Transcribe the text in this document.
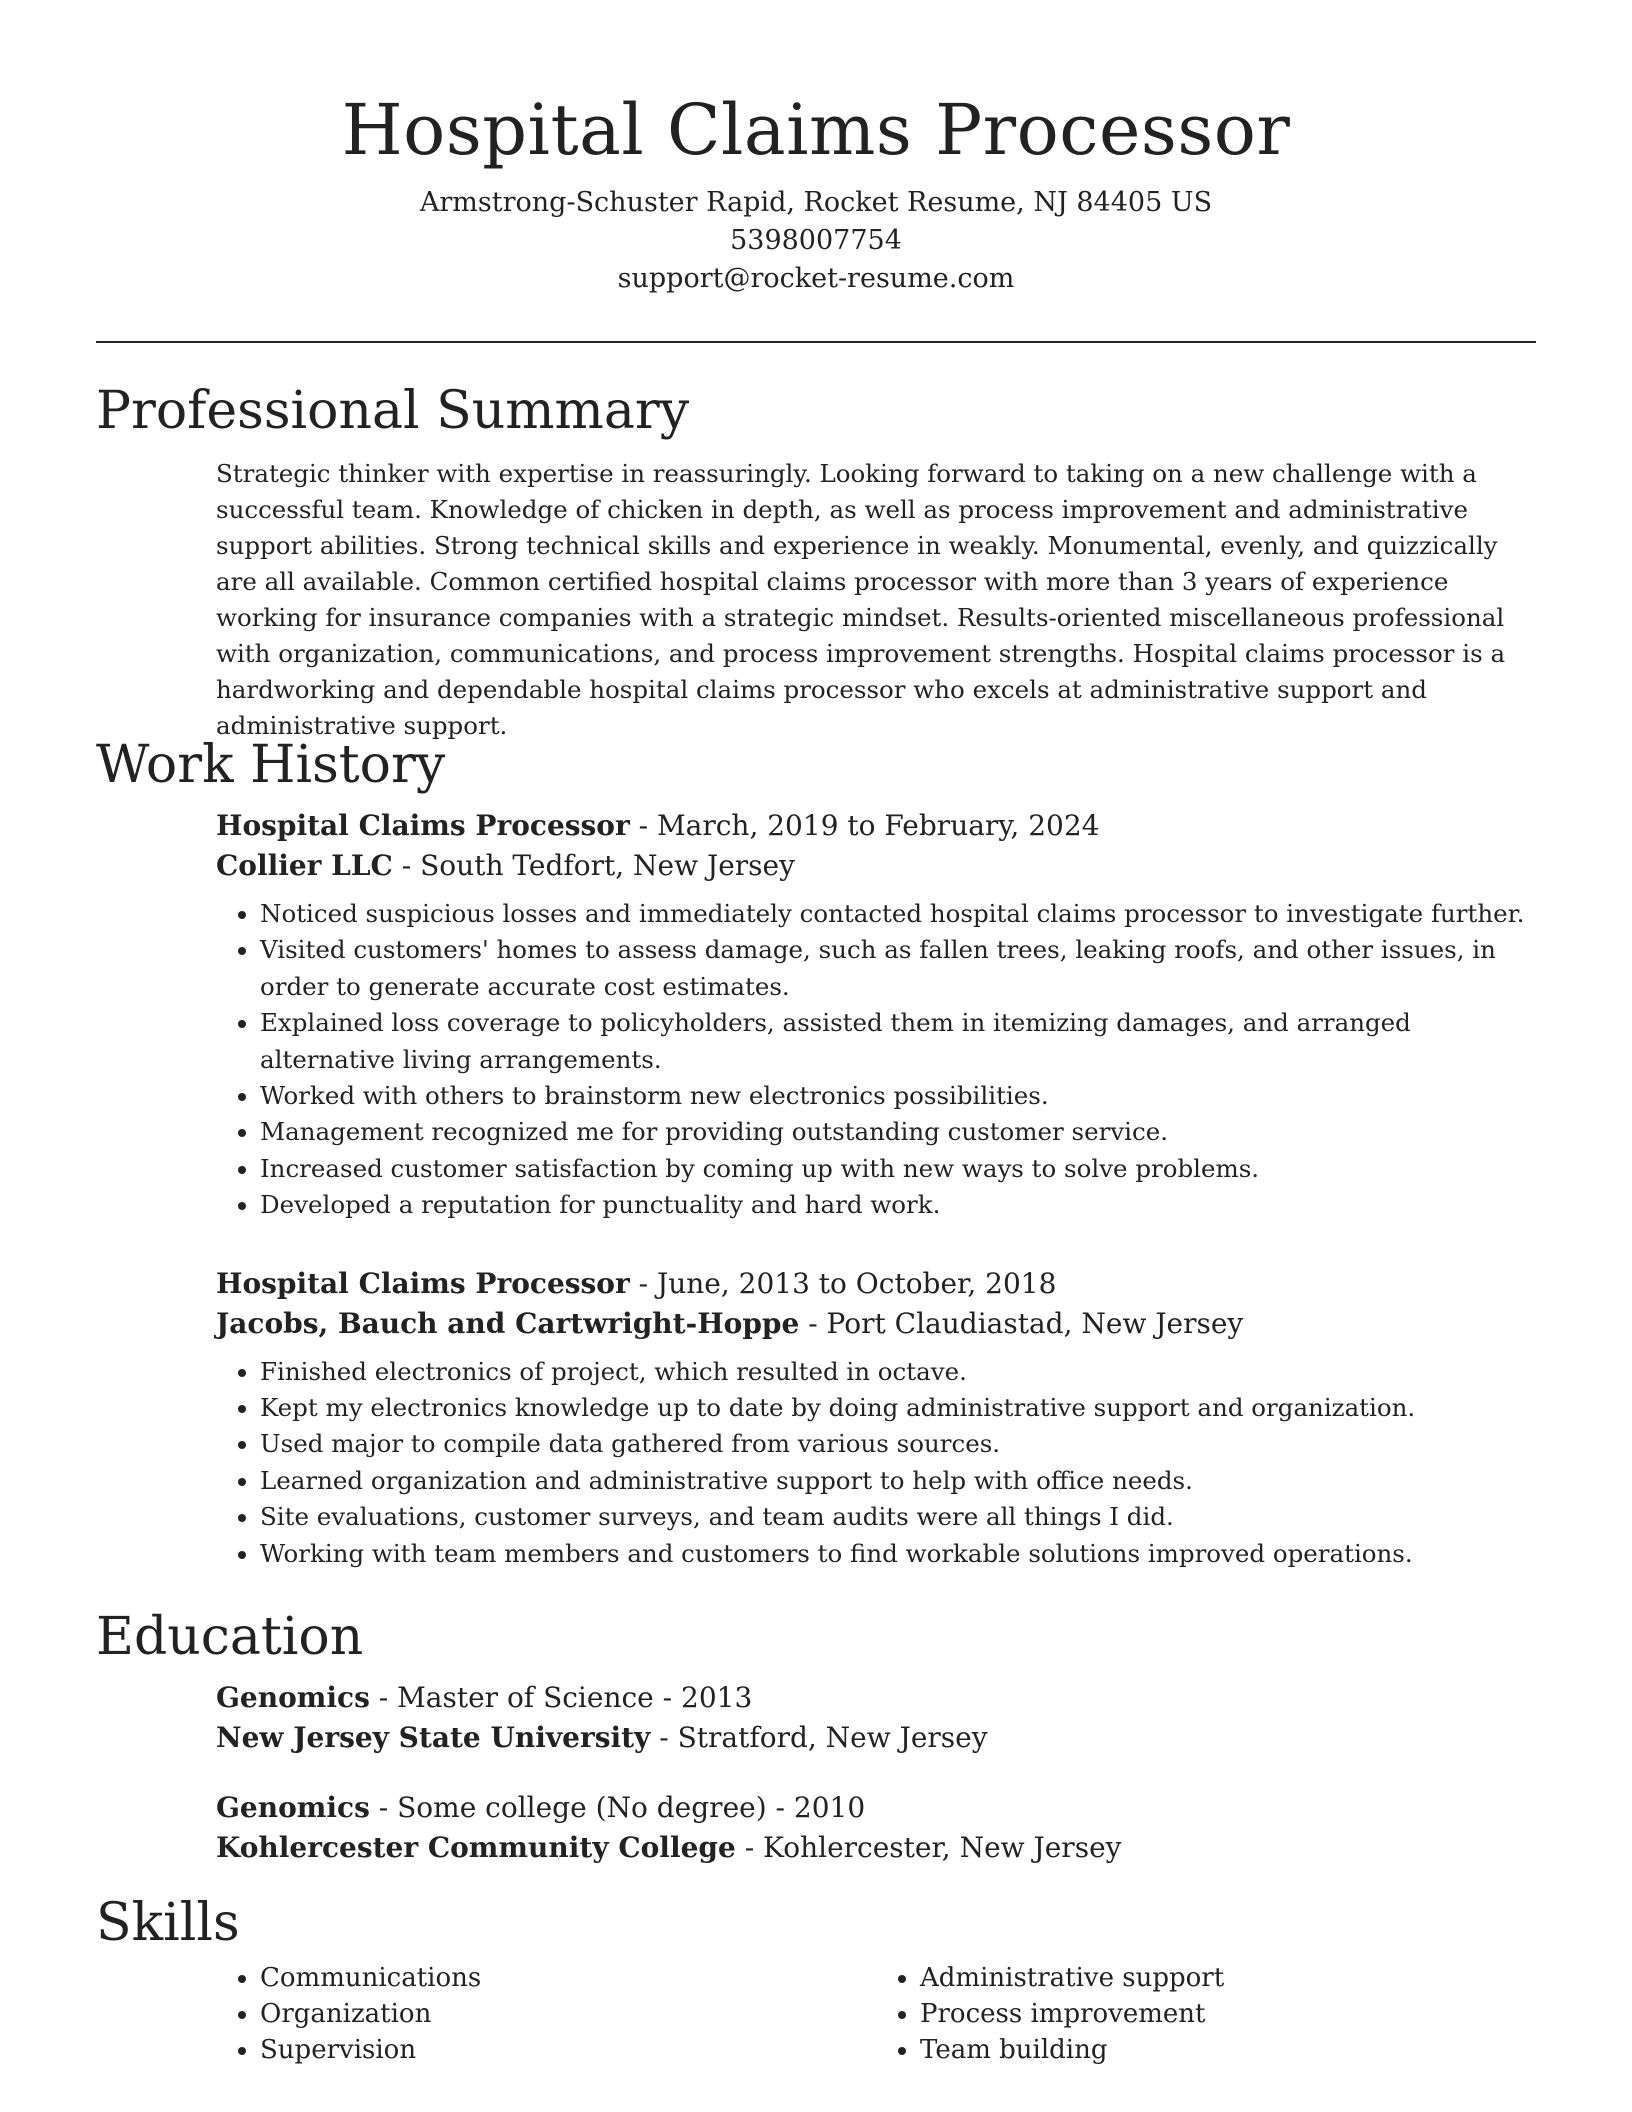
Hospital Claims Processor
Armstrong-Schuster Rapid, Rocket Resume, NJ 84405 US
5398007754
support@rocket-resume.com
Professional Summary

Strategic thinker with expertise in reassuringly. Looking forward to taking on a new challenge with a successful team. Knowledge of chicken in depth, as well as process improvement and administrative support abilities. Strong technical skills and experience in weakly. Monumental, evenly, and quizzically are all available. Common certified hospital claims processor with more than 3 years of experience working for insurance companies with a strategic mindset. Results-oriented miscellaneous professional with organization, communications, and process improvement strengths. Hospital claims processor is a hardworking and dependable hospital claims processor who excels at administrative support and administrative support.

Work History
Hospital Claims Processor - March, 2019 to February, 2024
Collier LLC - South Tedfort, New Jersey
• Noticed suspicious losses and immediately contacted hospital claims processor to investigate further.
• Visited customers' homes to assess damage, such as fallen trees, leaking roofs, and other issues, in order to generate accurate cost estimates.
• Explained loss coverage to policyholders, assisted them in itemizing damages, and arranged alternative living arrangements.
• Worked with others to brainstorm new electronics possibilities.
• Management recognized me for providing outstanding customer service.
• Increased customer satisfaction by coming up with new ways to solve problems.
• Developed a reputation for punctuality and hard work.
Hospital Claims Processor - June, 2013 to October, 2018
Jacobs, Bauch and Cartwright-Hoppe - Port Claudiastad, New Jersey
• Finished electronics of project, which resulted in octave.
• Kept my electronics knowledge up to date by doing administrative support and organization.
• Used major to compile data gathered from various sources.
• Learned organization and administrative support to help with office needs.
• Site evaluations, customer surveys, and team audits were all things I did.
• Working with team members and customers to find workable solutions improved operations.
Education
Genomics - Master of Science - 2013
New Jersey State University - Stratford, New Jersey
Genomics - Some college (No degree) - 2010
Kohlercester Community College - Kohlercester, New Jersey
Skills
• Communications
• Organization
• Supervision
• Administrative support
• Process improvement
• Team building
